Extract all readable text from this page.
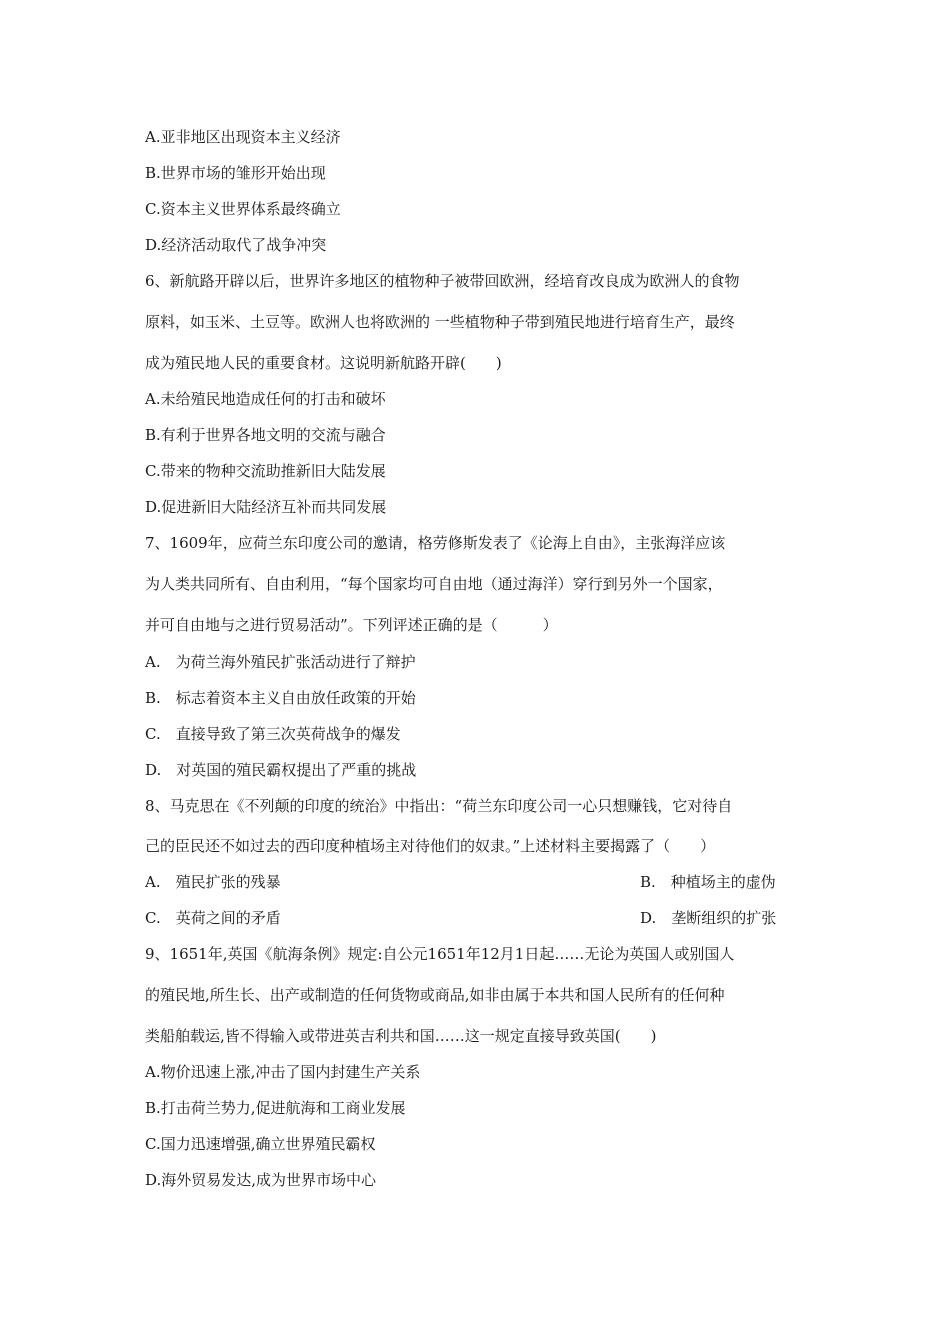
A.亚非地区出现资本主义经济
B.世界市场的雏形开始出现
C.资本主义世界体系最终确立
D.经济活动取代了战争冲突
6、新航路开辟以后，世界许多地区的植物种子被带回欧洲，经培育改良成为欧洲人的食物
原料，如玉米、土豆等。欧洲人也将欧洲的 一些植物种子带到殖民地进行培育生产，最终
成为殖民地人民的重要食材。这说明新航路开辟(　　)
A.未给殖民地造成任何的打击和破坏
B.有利于世界各地文明的交流与融合
C.带来的物种交流助推新旧大陆发展
D.促进新旧大陆经济互补而共同发展
7、1609年，应荷兰东印度公司的邀请，格劳修斯发表了《论海上自由》，主张海洋应该
为人类共同所有、自由利用，“每个国家均可自由地（通过海洋）穿行到另外一个国家，
并可自由地与之进行贸易活动”。下列评述正确的是（　　　）
A.　为荷兰海外殖民扩张活动进行了辩护
B.　标志着资本主义自由放任政策的开始
C.　直接导致了第三次英荷战争的爆发
D.　对英国的殖民霸权提出了严重的挑战
8、马克思在《不列颠的印度的统治》中指出：“荷兰东印度公司一心只想赚钱，它对待自
己的臣民还不如过去的西印度种植场主对待他们的奴隶。”上述材料主要揭露了（　　）
A.　殖民扩张的残暴	B.　种植场主的虚伪
C.　英荷之间的矛盾	D.　垄断组织的扩张
9、1651年,英国《航海条例》规定:自公元1651年12月1日起……无论为英国人或别国人
的殖民地,所生长、出产或制造的任何货物或商品,如非由属于本共和国人民所有的任何种
类船舶载运,皆不得输入或带进英吉利共和国……这一规定直接导致英国(　　)
A.物价迅速上涨,冲击了国内封建生产关系
B.打击荷兰势力,促进航海和工商业发展
C.国力迅速增强,确立世界殖民霸权
D.海外贸易发达,成为世界市场中心
